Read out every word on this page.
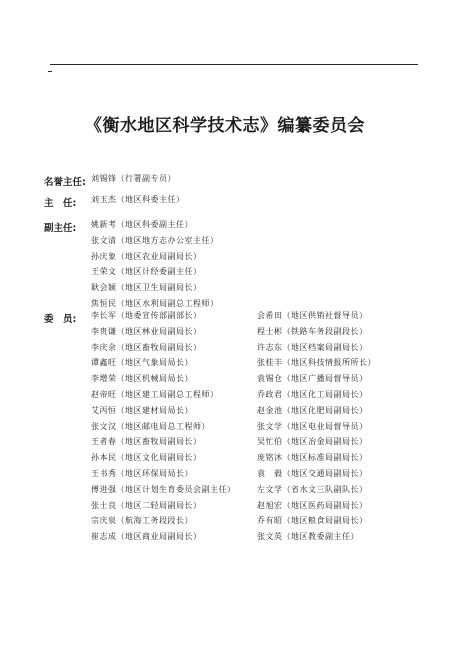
《衡水地区科学技术志》编纂委员会
名誉主任: 刘锡锋（行署副专员）
主　任: 刘玉杰（地区科委主任）
副主任: 姚新考（地区科委副主任）
张文清（地区地方志办公室主任）
孙庆象（地区农业局副局长）
王荣文（地区计经委副主任）
耿会颖（地区卫生局副局长）
焦恒民（地区水利局副总工程师）
委　员: 李长军（地委宣传部副部长）
李贵谦（地区林业局副局长）
李庆余（地区畜牧局副局长）
谭鑫旺（地区气象局局长）
李增荣（地区机械局局长）
赵帝旺（地区建工局副总工程师）
艾丙恒（地区建材局局长）
张文汉（地区邮电局总工程师）
王者春（地区畜牧局副局长）
孙本民（地区文化局副局长）
王书秀（地区环保局局长）
傅进强（地区计划生育委员会副主任）
张士良（地区二轻局副局长）
宗庆泉（航海工务段段长）
崔志成（地区商业局副局长）
会希田（地区供销社督导员）
程士彬（铁路车务段副段长）
许志东（地区档案局副局长）
张桂丰（地区科技情报所所长）
袁锡仓（地区广播局督导员）
乔政君（地区化工局副局长）
赵金池（地区化肥局副局长）
张文学（地区电业局督导员）
吴忙伯（地区冶金局副局长）
庞铭沐（地区标准局副局长）
袁　毅（地区交通局副局长）
左文学（省水文三队副队长）
赵旭宏（地区医药局副局长）
乔有昭（地区粮食局副局长）
张文英（地区教委副主任）
